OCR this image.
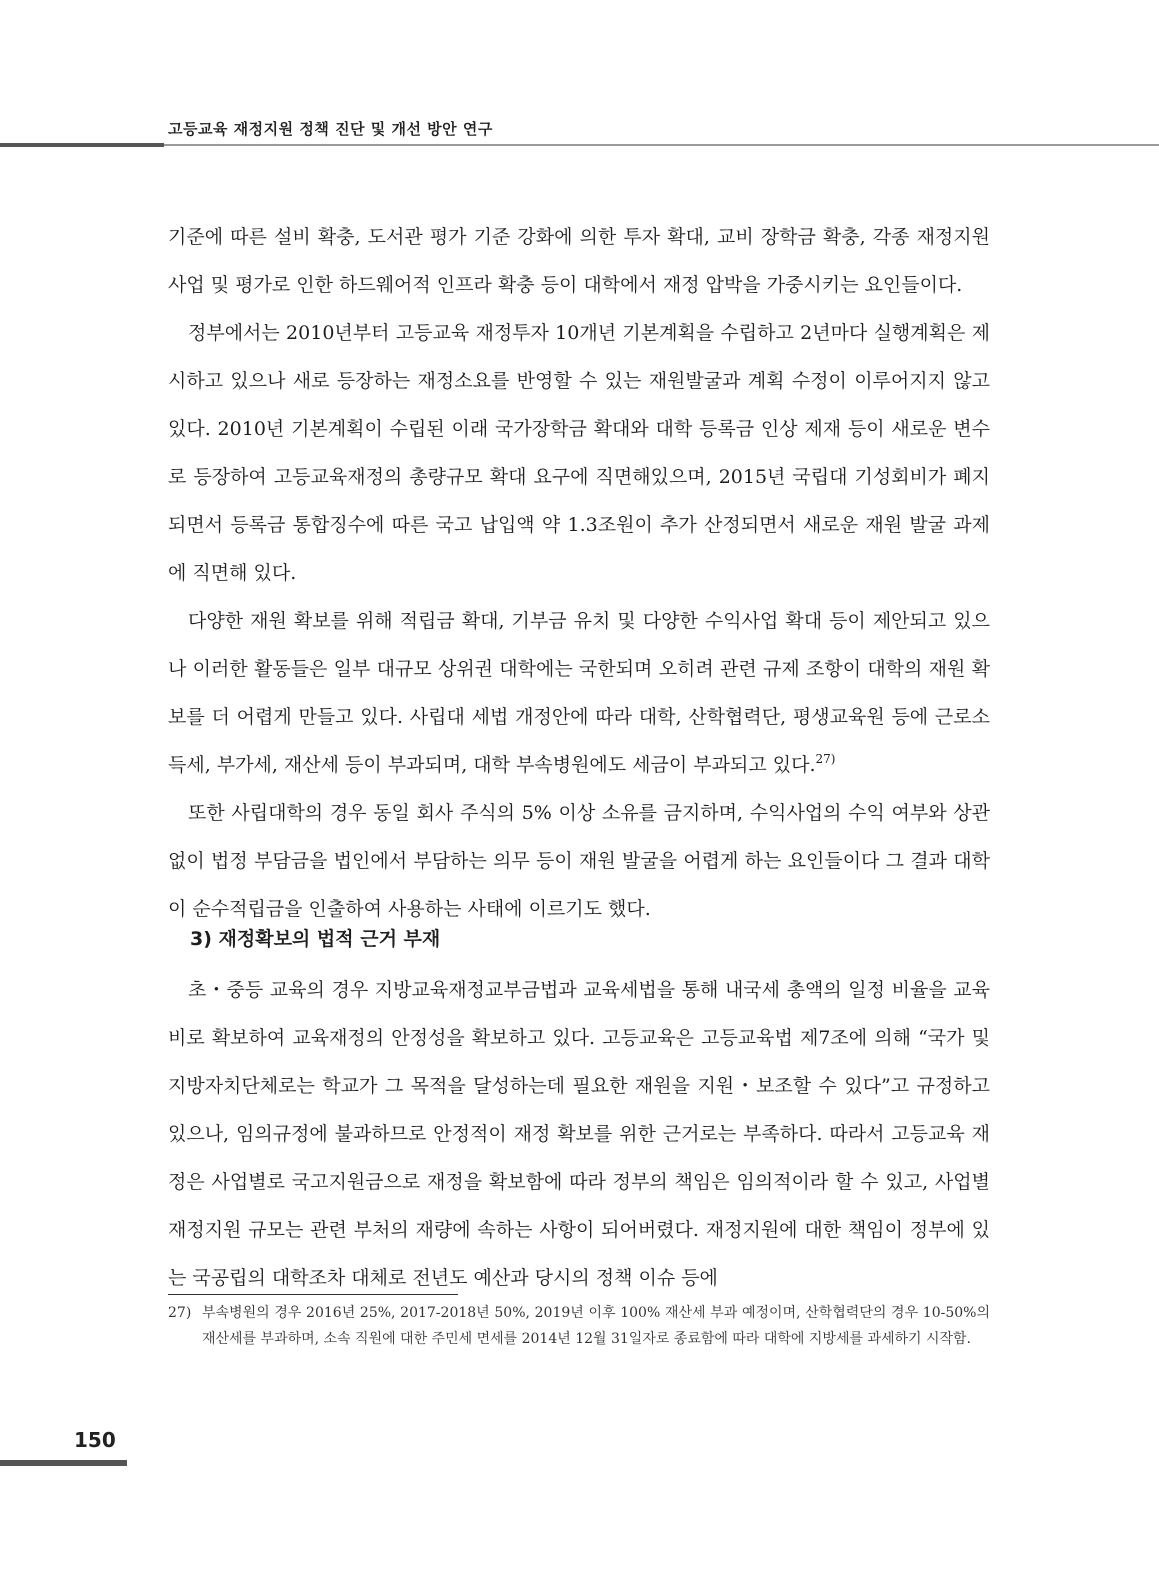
고등교육 재정지원 정책 진단 및 개선 방안 연구

기준에 따른 설비 확충, 도서관 평가 기준 강화에 의한 투자 확대, 교비 장학금 확충, 각종 재정지원사업 및 평가로 인한 하드웨어적 인프라 확충 등이 대학에서 재정 압박을 가중시키는 요인들이다.

정부에서는 2010년부터 고등교육 재정투자 10개년 기본계획을 수립하고 2년마다 실행계획은 제시하고 있으나 새로 등장하는 재정소요를 반영할 수 있는 재원발굴과 계획 수정이 이루어지지 않고 있다. 2010년 기본계획이 수립된 이래 국가장학금 확대와 대학 등록금 인상 제재 등이 새로운 변수로 등장하여 고등교육재정의 총량규모 확대 요구에 직면해있으며, 2015년 국립대 기성회비가 폐지되면서 등록금 통합징수에 따른 국고 납입액 약 1.3조원이 추가 산정되면서 새로운 재원 발굴 과제에 직면해 있다.

다양한 재원 확보를 위해 적립금 확대, 기부금 유치 및 다양한 수익사업 확대 등이 제안되고 있으나 이러한 활동들은 일부 대규모 상위권 대학에는 국한되며 오히려 관련 규제 조항이 대학의 재원 확보를 더 어렵게 만들고 있다. 사립대 세법 개정안에 따라 대학, 산학협력단, 평생교육원 등에 근로소득세, 부가세, 재산세 등이 부과되며, 대학 부속병원에도 세금이 부과되고 있다.$^{27)}$

또한 사립대학의 경우 동일 회사 주식의 5% 이상 소유를 금지하며, 수익사업의 수익 여부와 상관없이 법정 부담금을 법인에서 부담하는 의무 등이 재원 발굴을 어렵게 하는 요인들이다 그 결과 대학이 순수적립금을 인출하여 사용하는 사태에 이르기도 했다.

3) 재정확보의 법적 근거 부재

초・중등 교육의 경우 지방교육재정교부금법과 교육세법을 통해 내국세 총액의 일정 비율을 교육비로 확보하여 교육재정의 안정성을 확보하고 있다. 고등교육은 고등교육법 제7조에 의해 “국가 및 지방자치단체로는 학교가 그 목적을 달성하는데 필요한 재원을 지원・보조할 수 있다”고 규정하고 있으나, 임의규정에 불과하므로 안정적이 재정 확보를 위한 근거로는 부족하다. 따라서 고등교육 재정은 사업별로 국고지원금으로 재정을 확보함에 따라 정부의 책임은 임의적이라 할 수 있고, 사업별 재정지원 규모는 관련 부처의 재량에 속하는 사항이 되어버렸다. 재정지원에 대한 책임이 정부에 있는 국공립의 대학조차 대체로 전년도 예산과 당시의 정책 이슈 등에

27) 부속병원의 경우 2016년 25%, 2017-2018년 50%, 2019년 이후 100% 재산세 부과 예정이며, 산학협력단의 경우 10-50%의 재산세를 부과하며, 소속 직원에 대한 주민세 면세를 2014년 12월 31일자로 종료함에 따라 대학에 지방세를 과세하기 시작함.
150
